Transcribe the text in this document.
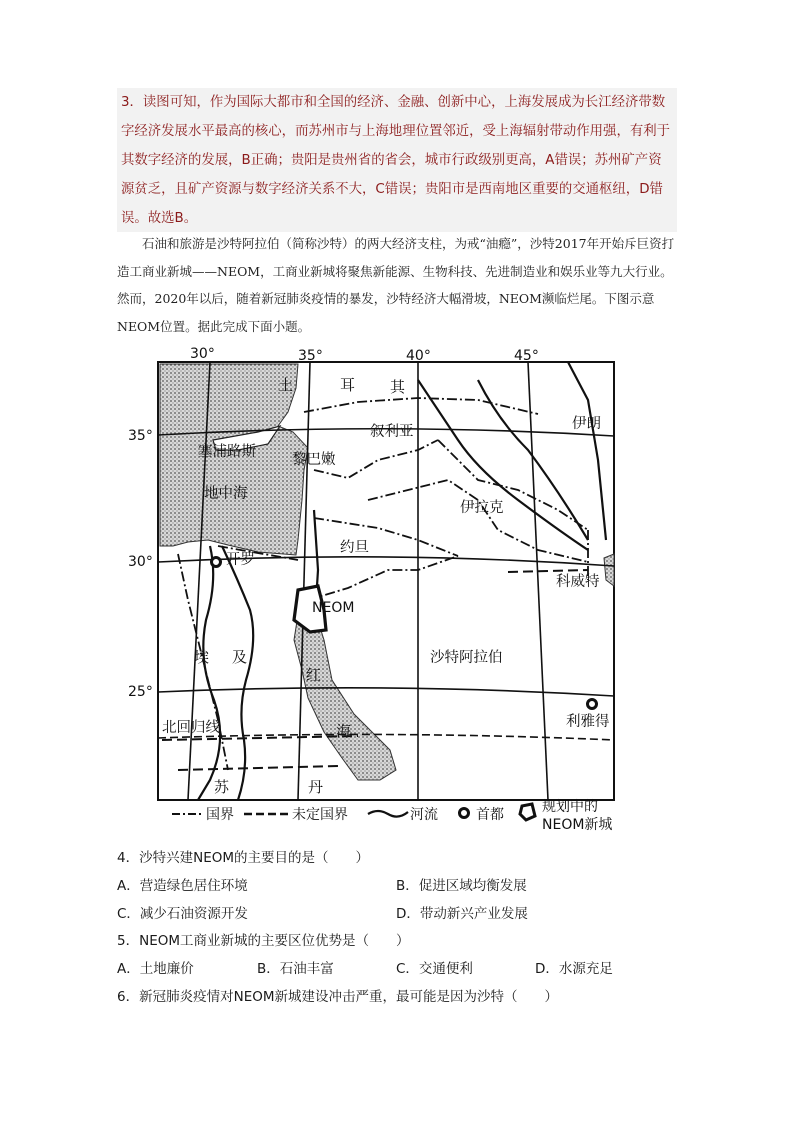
3．读图可知，作为国际大都市和全国的经济、金融、创新中心，上海发展成为长江经济带数字经济发展水平最高的核心，而苏州市与上海地理位置邻近，受上海辐射带动作用强，有利于其数字经济的发展，B正确；贵阳是贵州省的省会，城市行政级别更高，A错误；苏州矿产资源贫乏，且矿产资源与数字经济关系不大，C错误；贵阳市是西南地区重要的交通枢纽，D错误。故选B。

石油和旅游是沙特阿拉伯（简称沙特）的两大经济支柱，为戒“油瘾”，沙特2017年开始斥巨资打造工商业新城——NEOM，工商业新城将聚焦新能源、生物科技、先进制造业和娱乐业等九大行业。然而，2020年以后，随着新冠肺炎疫情的暴发，沙特经济大幅滑坡，NEOM濒临烂尾。下图示意NEOM位置。据此完成下面小题。

30°	35°	40°	45°
35°
30°
25°
土	耳 其
塞浦路斯
叙利亚	伊朗
黎巴嫩
地中海
伊拉克
约旦
开罗
科威特
NEOM
埃 及	沙特阿拉伯
红
海	利雅得
北回归线
苏	丹
国界	未定国界	河流	首都	规划中的
NEOM新城
4．沙特兴建NEOM的主要目的是（　　）
A．营造绿色居住环境	B．促进区域均衡发展
C．减少石油资源开发	D．带动新兴产业发展
5．NEOM工商业新城的主要区位优势是（　　）
A．土地廉价	B．石油丰富	C．交通便利	D．水源充足
6．新冠肺炎疫情对NEOM新城建设冲击严重，最可能是因为沙特（　　）
